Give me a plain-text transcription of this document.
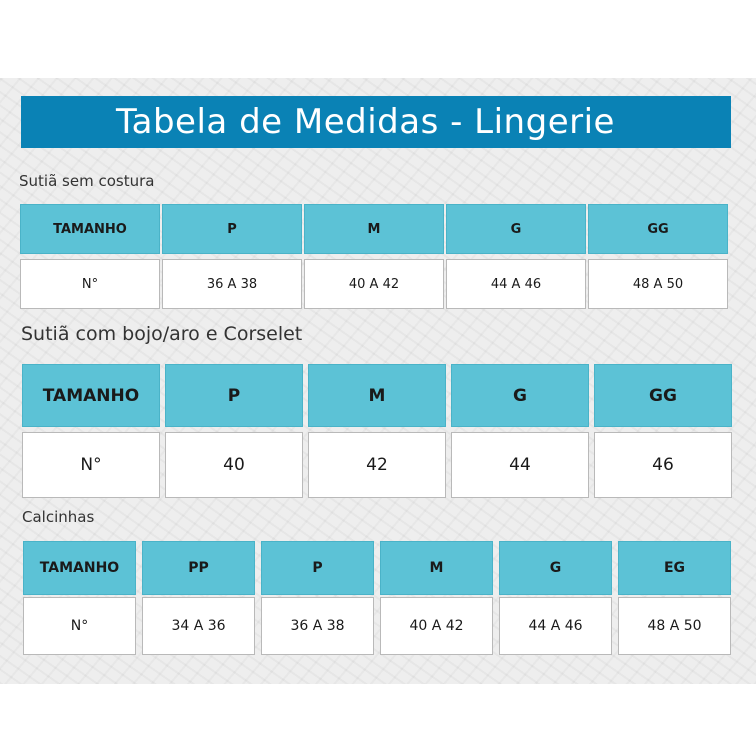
Tabela de Medidas - Lingerie
Sutiã sem costura
TAMANHO	P	M	G	GG
N°	36 A 38	40 A 42	44 A 46	48 A 50
Sutiã com bojo/aro e Corselet
TAMANHO	P	M	G	GG
N°	40	42	44	46
Calcinhas
TAMANHO	PP	P	M	G	EG
N°	34 A 36	36 A 38	40 A 42	44 A 46	48 A 50
